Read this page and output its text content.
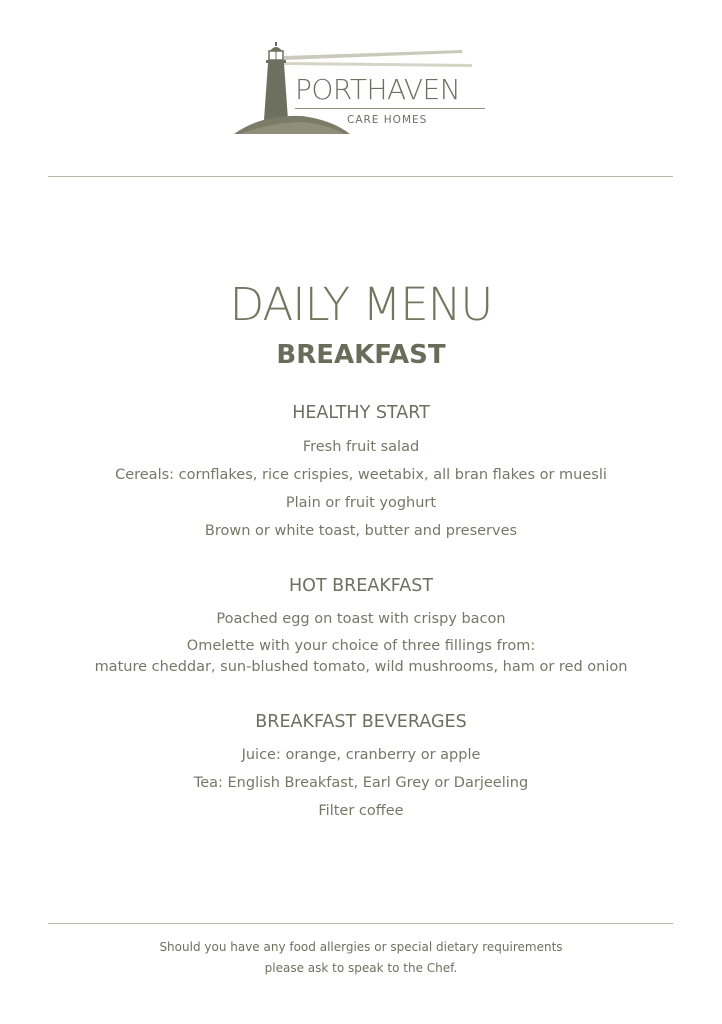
PORTHAVEN
CARE HOMES
DAILY MENU
BREAKFAST
HEALTHY START
Fresh fruit salad
Cereals: cornflakes, rice crispies, weetabix, all bran flakes or muesli
Plain or fruit yoghurt
Brown or white toast, butter and preserves
HOT BREAKFAST
Poached egg on toast with crispy bacon
Omelette with your choice of three fillings from:
mature cheddar, sun-blushed tomato, wild mushrooms, ham or red onion
BREAKFAST BEVERAGES
Juice: orange, cranberry or apple
Tea: English Breakfast, Earl Grey or Darjeeling
Filter coffee
Should you have any food allergies or special dietary requirements
please ask to speak to the Chef.
